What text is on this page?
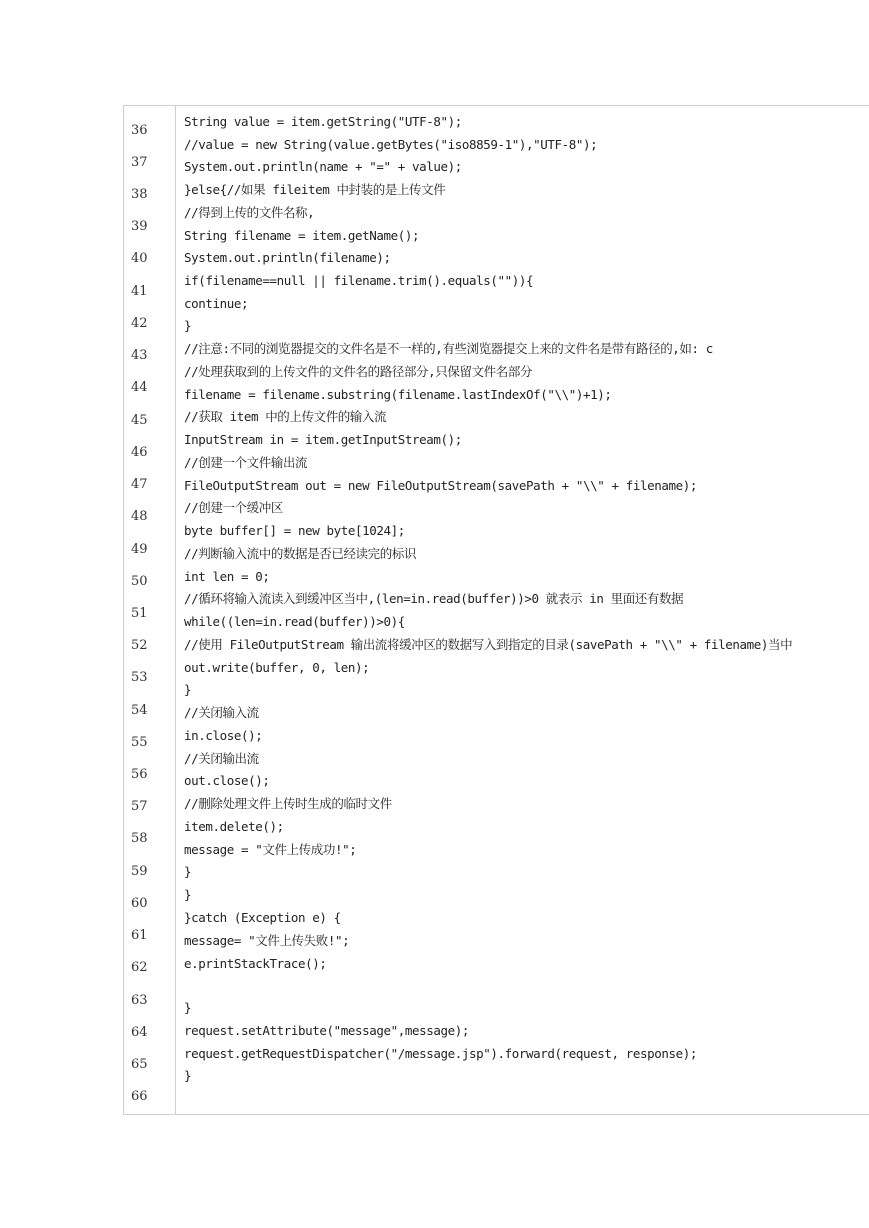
36
37
38
39
40
41
42
43
44
45
46
47
48
49
50
51
52
53
54
55
56
57
58
59
60
61
62
63
64
65
66
String value = item.getString("UTF-8");
//value = new String(value.getBytes("iso8859-1"),"UTF-8");
System.out.println(name + "=" + value);
}else{//如果 fileitem 中封装的是上传文件
//得到上传的文件名称,
String filename = item.getName();
System.out.println(filename);
if(filename==null || filename.trim().equals("")){
continue;
}
//注意:不同的浏览器提交的文件名是不一样的,有些浏览器提交上来的文件名是带有路径的,如: c
//处理获取到的上传文件的文件名的路径部分,只保留文件名部分
filename = filename.substring(filename.lastIndexOf("\\")+1);
//获取 item 中的上传文件的输入流
InputStream in = item.getInputStream();
//创建一个文件输出流
FileOutputStream out = new FileOutputStream(savePath + "\\" + filename);
//创建一个缓冲区
byte buffer[] = new byte[1024];
//判断输入流中的数据是否已经读完的标识
int len = 0;
//循环将输入流读入到缓冲区当中,(len=in.read(buffer))>0 就表示 in 里面还有数据
while((len=in.read(buffer))>0){
//使用 FileOutputStream 输出流将缓冲区的数据写入到指定的目录(savePath + "\\" + filename)当中
out.write(buffer, 0, len);
}
//关闭输入流
in.close();
//关闭输出流
out.close();
//删除处理文件上传时生成的临时文件
item.delete();
message = "文件上传成功!";
}
}
}catch (Exception e) {
message= "文件上传失败!";
e.printStackTrace();
}
request.setAttribute("message",message);
request.getRequestDispatcher("/message.jsp").forward(request, response);
}
